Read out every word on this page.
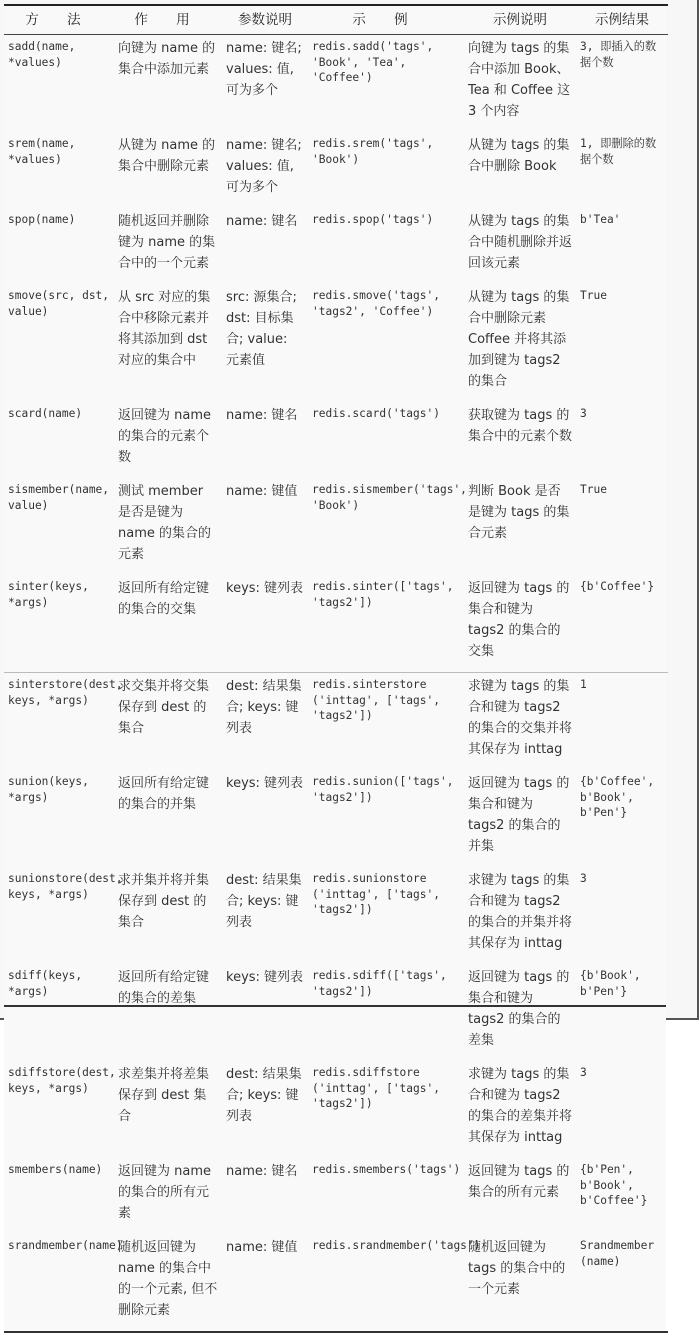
方 法	作 用	参数说明	示 例	示例说明	示例结果
sadd(name, *values)	向键为 name 的集合中添加元素	name: 键名; values: 值, 可为多个	redis.sadd('tags', 'Book', 'Tea', 'Coffee')	向键为 tags 的集合中添加 Book、Tea 和 Coffee 这 3 个内容	3, 即插入的数据个数
srem(name, *values)	从键为 name 的集合中删除元素	name: 键名; values: 值, 可为多个	redis.srem('tags', 'Book')	从键为 tags 的集合中删除 Book	1, 即删除的数据个数
spop(name)	随机返回并删除键为 name 的集合中的一个元素	name: 键名	redis.spop('tags')	从键为 tags 的集合中随机删除并返回该元素	b'Tea'
smove(src, dst, value)	从 src 对应的集合中移除元素并将其添加到 dst 对应的集合中	src: 源集合; dst: 目标集合; value: 元素值	redis.smove('tags', 'tags2', 'Coffee')	从键为 tags 的集合中删除元素 Coffee 并将其添加到键为 tags2 的集合	True
scard(name)	返回键为 name 的集合的元素个数	name: 键名	redis.scard('tags')	获取键为 tags 的集合中的元素个数	3
sismember(name, value)	测试 member 是否是键为 name 的集合的元素	name: 键值	redis.sismember('tags', 'Book')	判断 Book 是否是键为 tags 的集合元素	True
sinter(keys, *args)	返回所有给定键的集合的交集	keys: 键列表	redis.sinter(['tags', 'tags2'])	返回键为 tags 的集合和键为 tags2 的集合的交集	{b'Coffee'}
sinterstore(dest, keys, *args)	求交集并将交集保存到 dest 的集合	dest: 结果集合; keys: 键列表	redis.sinterstore ('inttag', ['tags', 'tags2'])	求键为 tags 的集合和键为 tags2 的集合的交集并将其保存为 inttag	1
sunion(keys, *args)	返回所有给定键的集合的并集	keys: 键列表	redis.sunion(['tags', 'tags2'])	返回键为 tags 的集合和键为 tags2 的集合的并集	{b'Coffee', b'Book', b'Pen'}
sunionstore(dest, keys, *args)	求并集并将并集保存到 dest 的集合	dest: 结果集合; keys: 键列表	redis.sunionstore ('inttag', ['tags', 'tags2'])	求键为 tags 的集合和键为 tags2 的集合的并集并将其保存为 inttag	3
sdiff(keys, *args)	返回所有给定键的集合的差集	keys: 键列表	redis.sdiff(['tags', 'tags2'])	返回键为 tags 的集合和键为 tags2 的集合的差集	{b'Book', b'Pen'}
sdiffstore(dest, keys, *args)	求差集并将差集保存到 dest 集合	dest: 结果集合; keys: 键列表	redis.sdiffstore ('inttag', ['tags', 'tags2'])	求键为 tags 的集合和键为 tags2 的集合的差集并将其保存为 inttag	3
smembers(name)	返回键为 name 的集合的所有元素	name: 键名	redis.smembers('tags')	返回键为 tags 的集合的所有元素	{b'Pen', b'Book', b'Coffee'}
srandmember(name)	随机返回键为 name 的集合中的一个元素, 但不删除元素	name: 键值	redis.srandmember('tags')	随机返回键为 tags 的集合中的一个元素	Srandmember (name)
